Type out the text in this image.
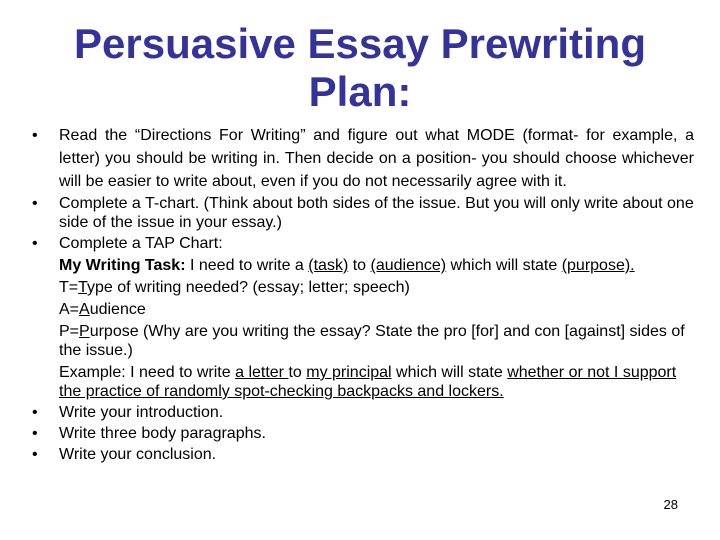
Persuasive Essay Prewriting Plan:
• Read the “Directions For Writing” and figure out what MODE (format- for example, a letter) you should be writing in. Then decide on a position- you should choose whichever will be easier to write about, even if you do not necessarily agree with it.
• Complete a T-chart. (Think about both sides of the issue. But you will only write about one side of the issue in your essay.)
• Complete a TAP Chart:
My Writing Task: I need to write a (task) to (audience) which will state (purpose).
T=Type of writing needed? (essay; letter; speech)
A=Audience
P=Purpose (Why are you writing the essay? State the pro [for] and con [against] sides of the issue.)
Example: I need to write a letter to my principal which will state whether or not I support the practice of randomly spot-checking backpacks and lockers.
• Write your introduction.
• Write three body paragraphs.
• Write your conclusion.
28
